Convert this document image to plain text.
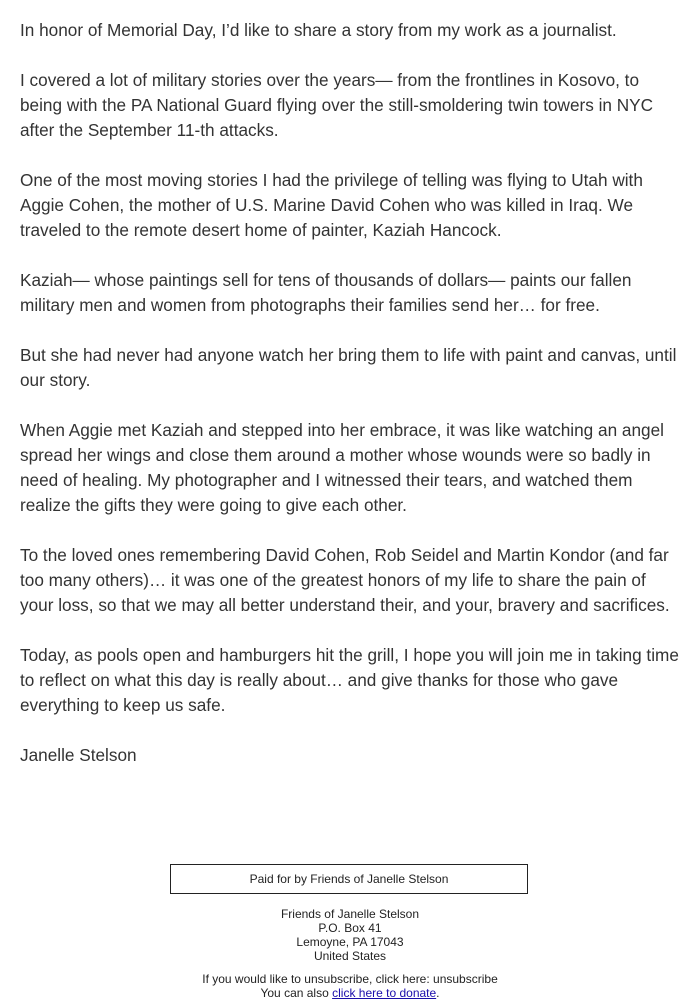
In honor of Memorial Day, I’d like to share a story from my work as a journalist.

I covered a lot of military stories over the years— from the frontlines in Kosovo, to being with the PA National Guard flying over the still-smoldering twin towers in NYC after the September 11-th attacks.

One of the most moving stories I had the privilege of telling was flying to Utah with Aggie Cohen, the mother of U.S. Marine David Cohen who was killed in Iraq. We traveled to the remote desert home of painter, Kaziah Hancock.

Kaziah— whose paintings sell for tens of thousands of dollars— paints our fallen military men and women from photographs their families send her… for free.

But she had never had anyone watch her bring them to life with paint and canvas, until our story.

When Aggie met Kaziah and stepped into her embrace, it was like watching an angel spread her wings and close them around a mother whose wounds were so badly in need of healing. My photographer and I witnessed their tears, and watched them realize the gifts they were going to give each other.

To the loved ones remembering David Cohen, Rob Seidel and Martin Kondor (and far too many others)… it was one of the greatest honors of my life to share the pain of your loss, so that we may all better understand their, and your, bravery and sacrifices.

Today, as pools open and hamburgers hit the grill, I hope you will join me in taking time to reflect on what this day is really about… and give thanks for those who gave everything to keep us safe.

Janelle Stelson

Paid for by Friends of Janelle Stelson
Friends of Janelle Stelson
P.O. Box 41
Lemoyne, PA 17043
United States
If you would like to unsubscribe, click here: unsubscribe
You can also click here to donate.
